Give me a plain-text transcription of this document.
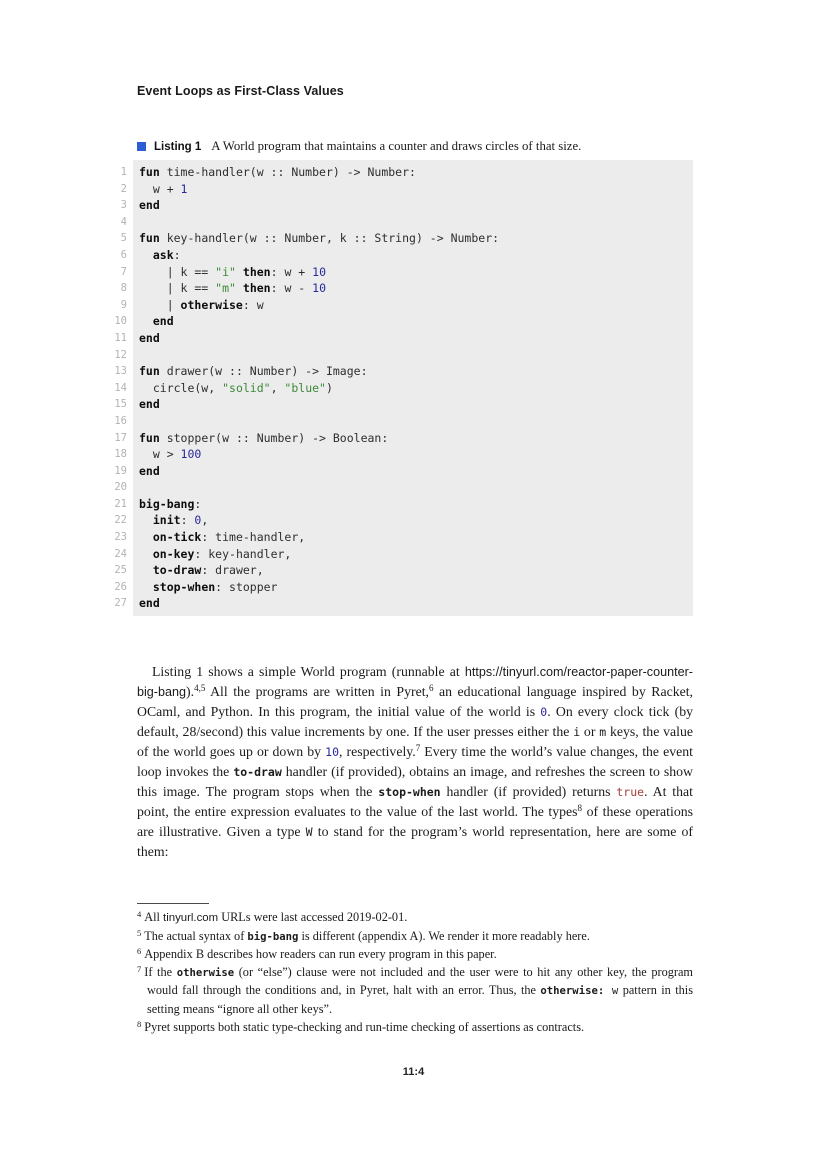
Event Loops as First-Class Values
Listing 1 A World program that maintains a counter and draws circles of that size.
1
2
3
4
5
6
7
8
9
10
11
12
13
14
15
16
17
18
19
20
21
22
23
24
25
26
27
fun time-handler(w :: Number) -> Number:
w + 1
end

fun key-handler(w :: Number, k :: String) -> Number:
ask:
| k == "i" then: w + 10
| k == "m" then: w - 10
| otherwise: w
end
end

fun drawer(w :: Number) -> Image:
circle(w, "solid", "blue")
end

fun stopper(w :: Number) -> Boolean:
w > 100
end

big-bang:
init: 0,
on-tick: time-handler,
on-key: key-handler,
to-draw: drawer,
stop-when: stopper
end

Listing 1 shows a simple World program (runnable at https://tinyurl.com/reactor-paper-counter-big-bang).$^{4,5}$ All the programs are written in Pyret,$^6$ an educational language inspired by Racket, OCaml, and Python. In this program, the initial value of the world is 0. On every clock tick (by default, 28/second) this value increments by one. If the user presses either the i or m keys, the value of the world goes up or down by 10, respectively.$^7$ Every time the world’s value changes, the event loop invokes the to-draw handler (if provided), obtains an image, and refreshes the screen to show this image. The program stops when the stop-when handler (if provided) returns true. At that point, the entire expression evaluates to the value of the last world. The types$^8$ of these operations are illustrative. Given a type W to stand for the program’s world representation, here are some of them:

$^4$ All tinyurl.com URLs were last accessed 2019-02-01.
$^5$ The actual syntax of big-bang is different (appendix A). We render it more readably here.
$^6$ Appendix B describes how readers can run every program in this paper.
$^7$ If the otherwise (or “else”) clause were not included and the user were to hit any other key, the program would fall through the conditions and, in Pyret, halt with an error. Thus, the otherwise: w pattern in this setting means “ignore all other keys”.
$^8$ Pyret supports both static type-checking and run-time checking of assertions as contracts.
11:4
